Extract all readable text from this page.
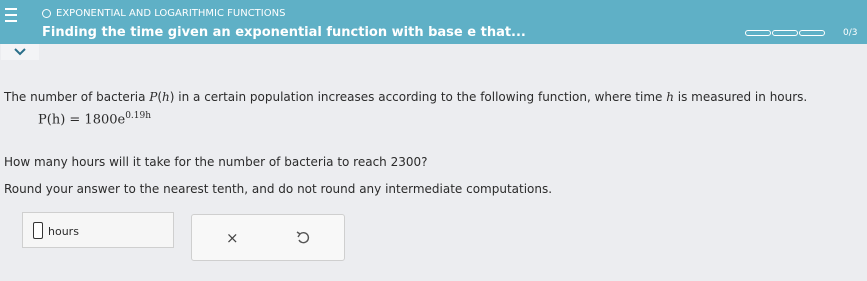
EXPONENTIAL AND LOGARITHMIC FUNCTIONS
Finding the time given an exponential function with base e that...	0/3
The number of bacteria P(h) in a certain population increases according to the following function, where time h is measured in hours.
$P(h) = 1800e^{0.19h}$
How many hours will it take for the number of bacteria to reach 2300?
Round your answer to the nearest tenth, and do not round any intermediate computations.
hours	×
